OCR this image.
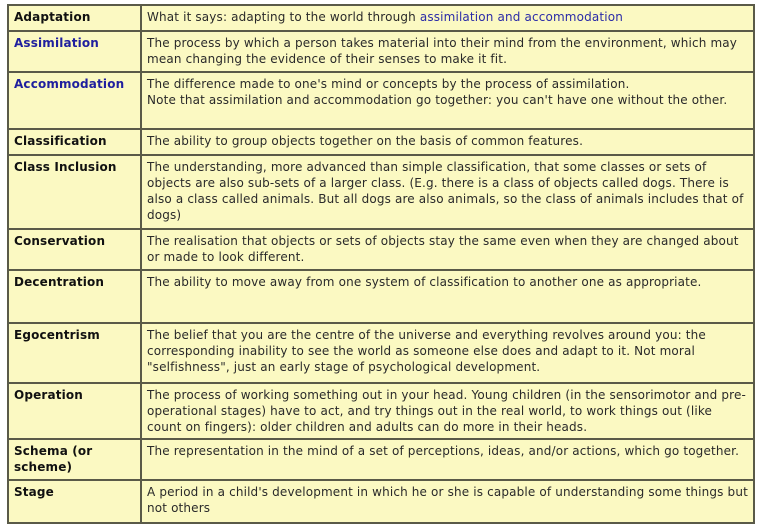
Adaptation	What it says: adapting to the world through assimilation and accommodation
Assimilation	The process by which a person takes material into their mind from the environment, which may mean changing the evidence of their senses to make it fit.
Accommodation	The difference made to one's mind or concepts by the process of assimilation.
Note that assimilation and accommodation go together: you can't have one without the other.

Classification	The ability to group objects together on the basis of common features.
Class Inclusion	The understanding, more advanced than simple classification, that some classes or sets of objects are also sub-sets of a larger class. (E.g. there is a class of objects called dogs. There is also a class called animals. But all dogs are also animals, so the class of animals includes that of dogs)
Conservation	The realisation that objects or sets of objects stay the same even when they are changed about or made to look different.
Decentration	The ability to move away from one system of classification to another one as appropriate.
Egocentrism	The belief that you are the centre of the universe and everything revolves around you: the corresponding inability to see the world as someone else does and adapt to it. Not moral "selfishness", just an early stage of psychological development.
Operation	The process of working something out in your head. Young children (in the sensorimotor and pre-operational stages) have to act, and try things out in the real world, to work things out (like count on fingers): older children and adults can do more in their heads.
Schema (or scheme)	The representation in the mind of a set of perceptions, ideas, and/or actions, which go together.
Stage	A period in a child's development in which he or she is capable of understanding some things but not others
